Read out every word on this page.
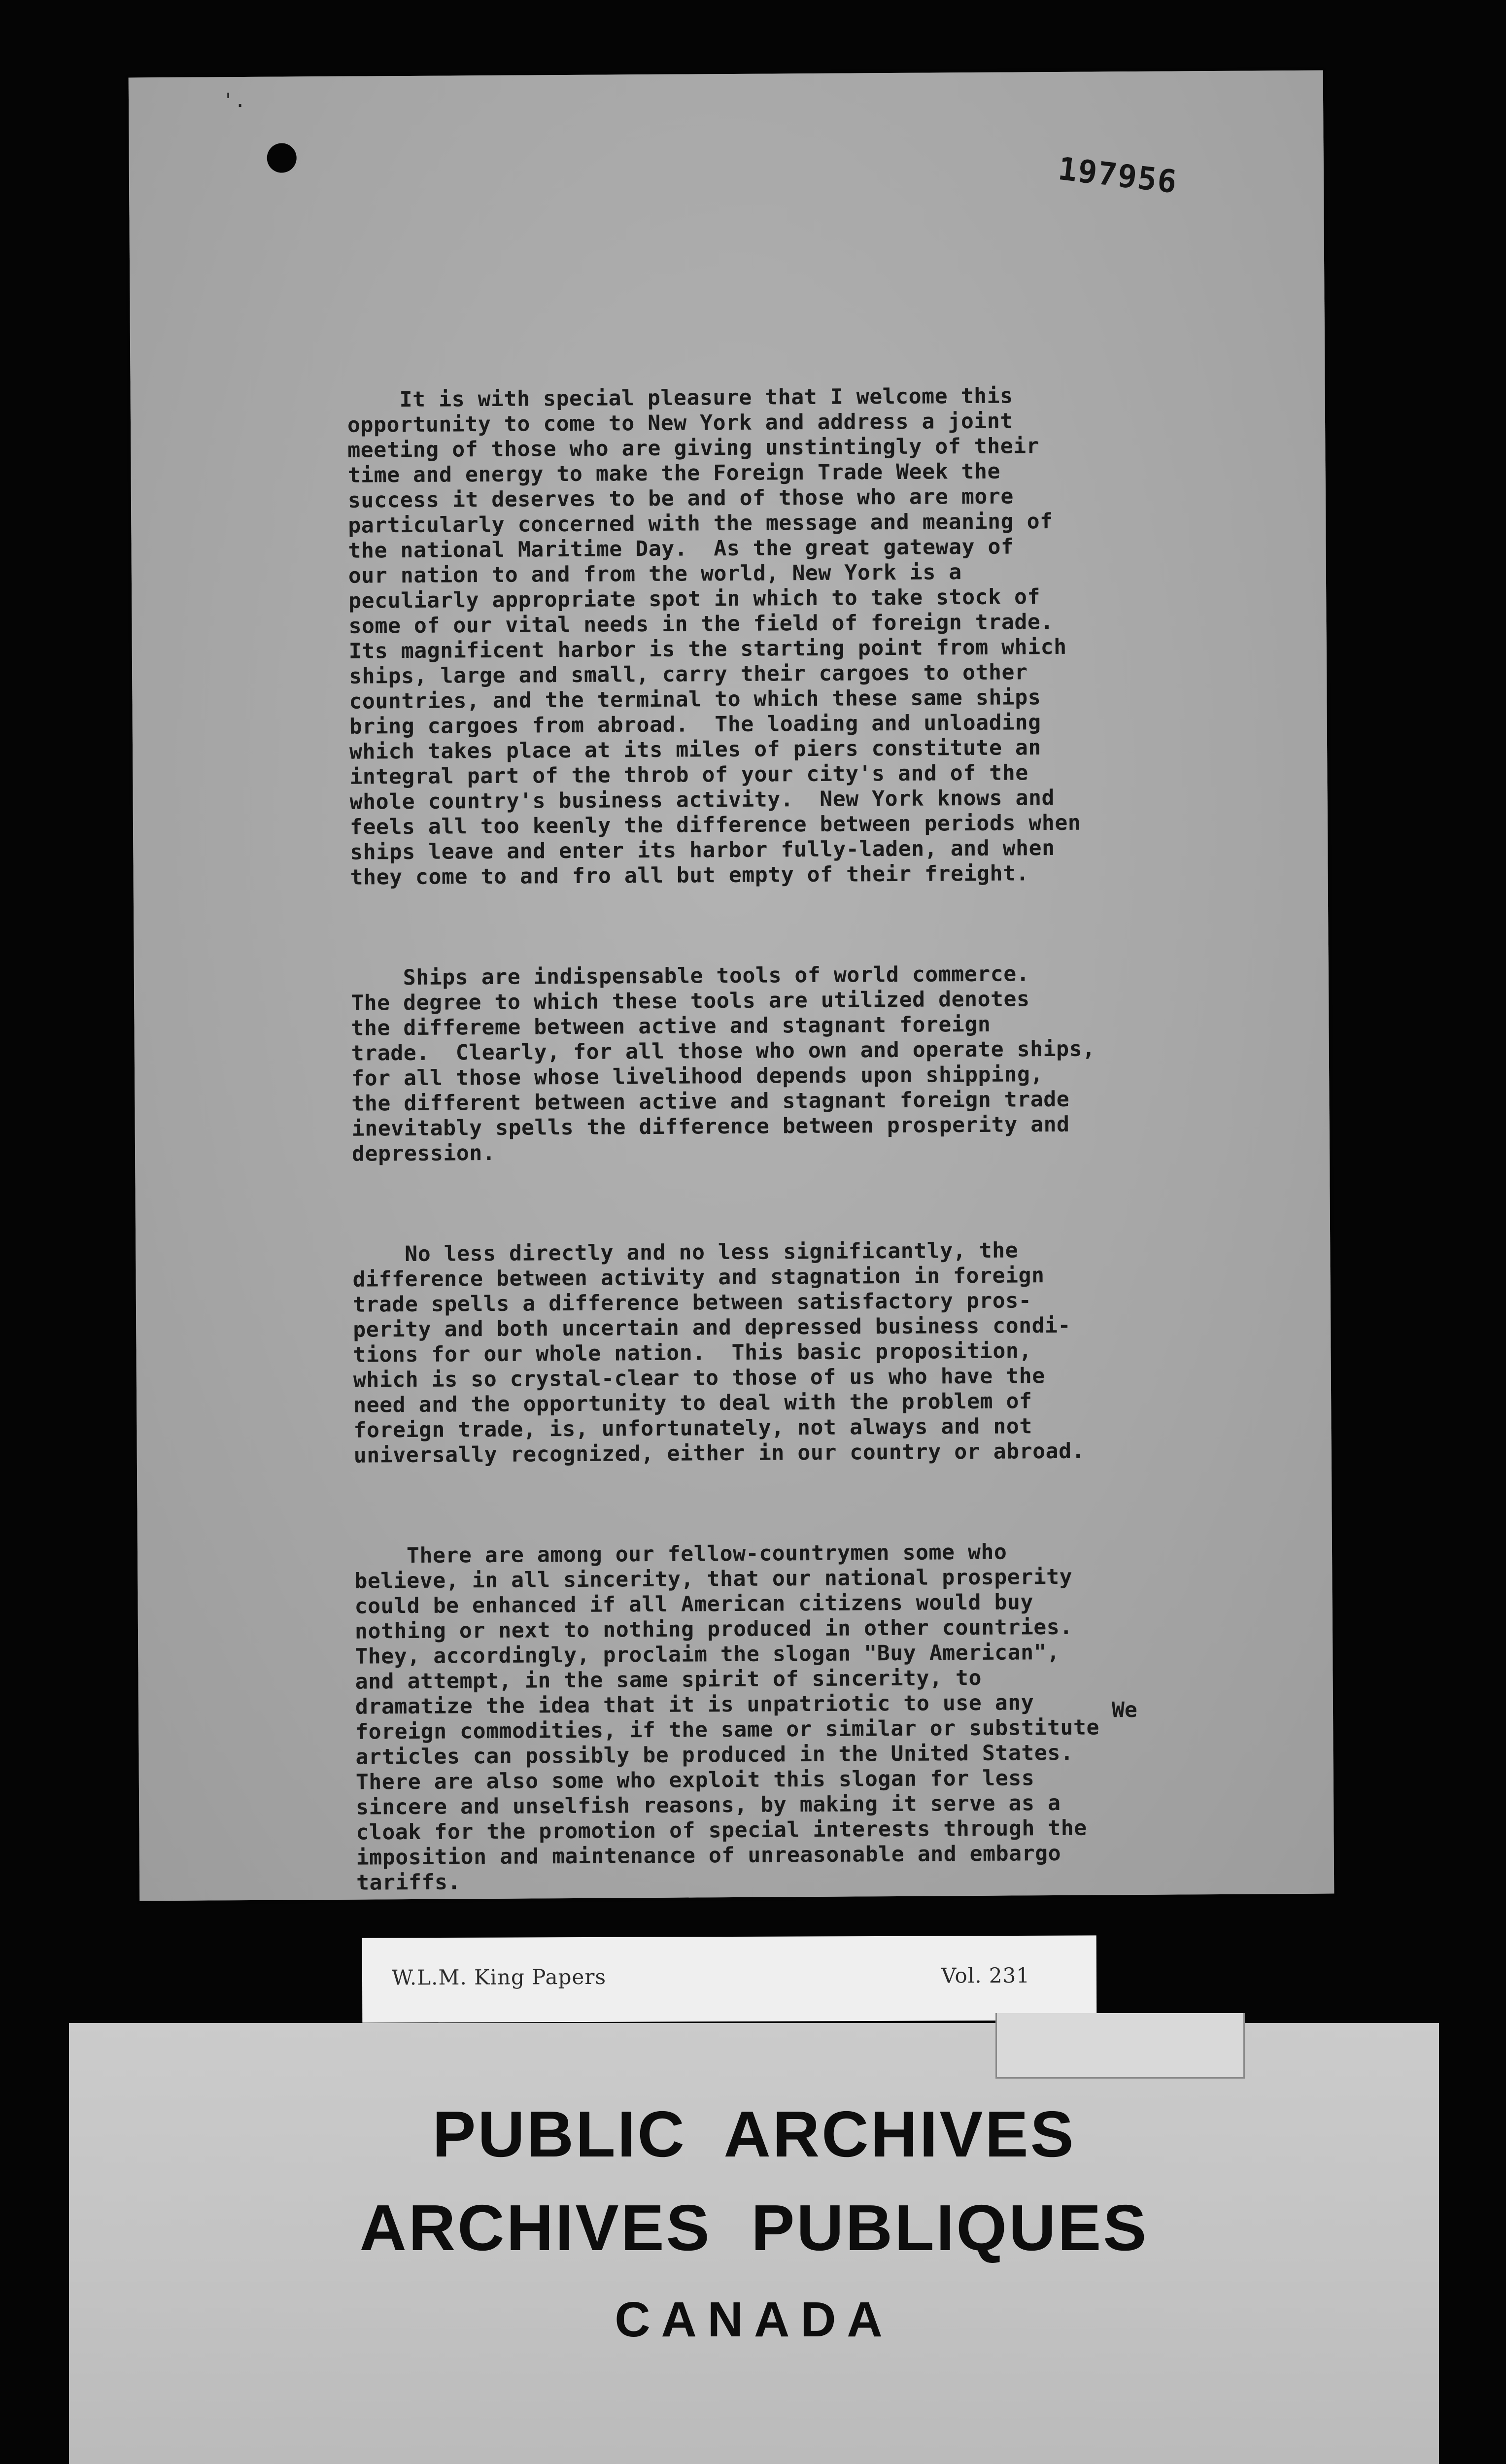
'.
197956

It is with special pleasure that I welcome this
opportunity to come to New York and address a joint
meeting of those who are giving unstintingly of their
time and energy to make the Foreign Trade Week the
success it deserves to be and of those who are more
particularly concerned with the message and meaning of
the national Maritime Day.  As the great gateway of
our nation to and from the world, New York is a
peculiarly appropriate spot in which to take stock of
some of our vital needs in the field of foreign trade.
Its magnificent harbor is the starting point from which
ships, large and small, carry their cargoes to other
countries, and the terminal to which these same ships
bring cargoes from abroad.  The loading and unloading
which takes place at its miles of piers constitute an
integral part of the throb of your city's and of the
whole country's business activity.  New York knows and
feels all too keenly the difference between periods when
ships leave and enter its harbor fully-laden, and when
they come to and fro all but empty of their freight.

Ships are indispensable tools of world commerce.
The degree to which these tools are utilized denotes
the differeme between active and stagnant foreign
trade.  Clearly, for all those who own and operate ships,
for all those whose livelihood depends upon shipping,
the different between active and stagnant foreign trade
inevitably spells the difference between prosperity and
depression.

No less directly and no less significantly, the
difference between activity and stagnation in foreign
trade spells a difference between satisfactory pros-
perity and both uncertain and depressed business condi-
tions for our whole nation.  This basic proposition,
which is so crystal-clear to those of us who have the
need and the opportunity to deal with the problem of
foreign trade, is, unfortunately, not always and not
universally recognized, either in our country or abroad.

There are among our fellow-countrymen some who
believe, in all sincerity, that our national prosperity
could be enhanced if all American citizens would buy
nothing or next to nothing produced in other countries.
They, accordingly, proclaim the slogan "Buy American",
and attempt, in the same spirit of sincerity, to
dramatize the idea that it is unpatriotic to use any
foreign commodities, if the same or similar or substitute
articles can possibly be produced in the United States.
There are also some who exploit this slogan for less
sincere and unselfish reasons, by making it serve as a
cloak for the promotion of special interests through the
imposition and maintenance of unreasonable and embargo
tariffs.

We
W.L.M. King Papers	Vol. 231
PUBLIC ARCHIVES
ARCHIVES PUBLIQUES
CANADA
